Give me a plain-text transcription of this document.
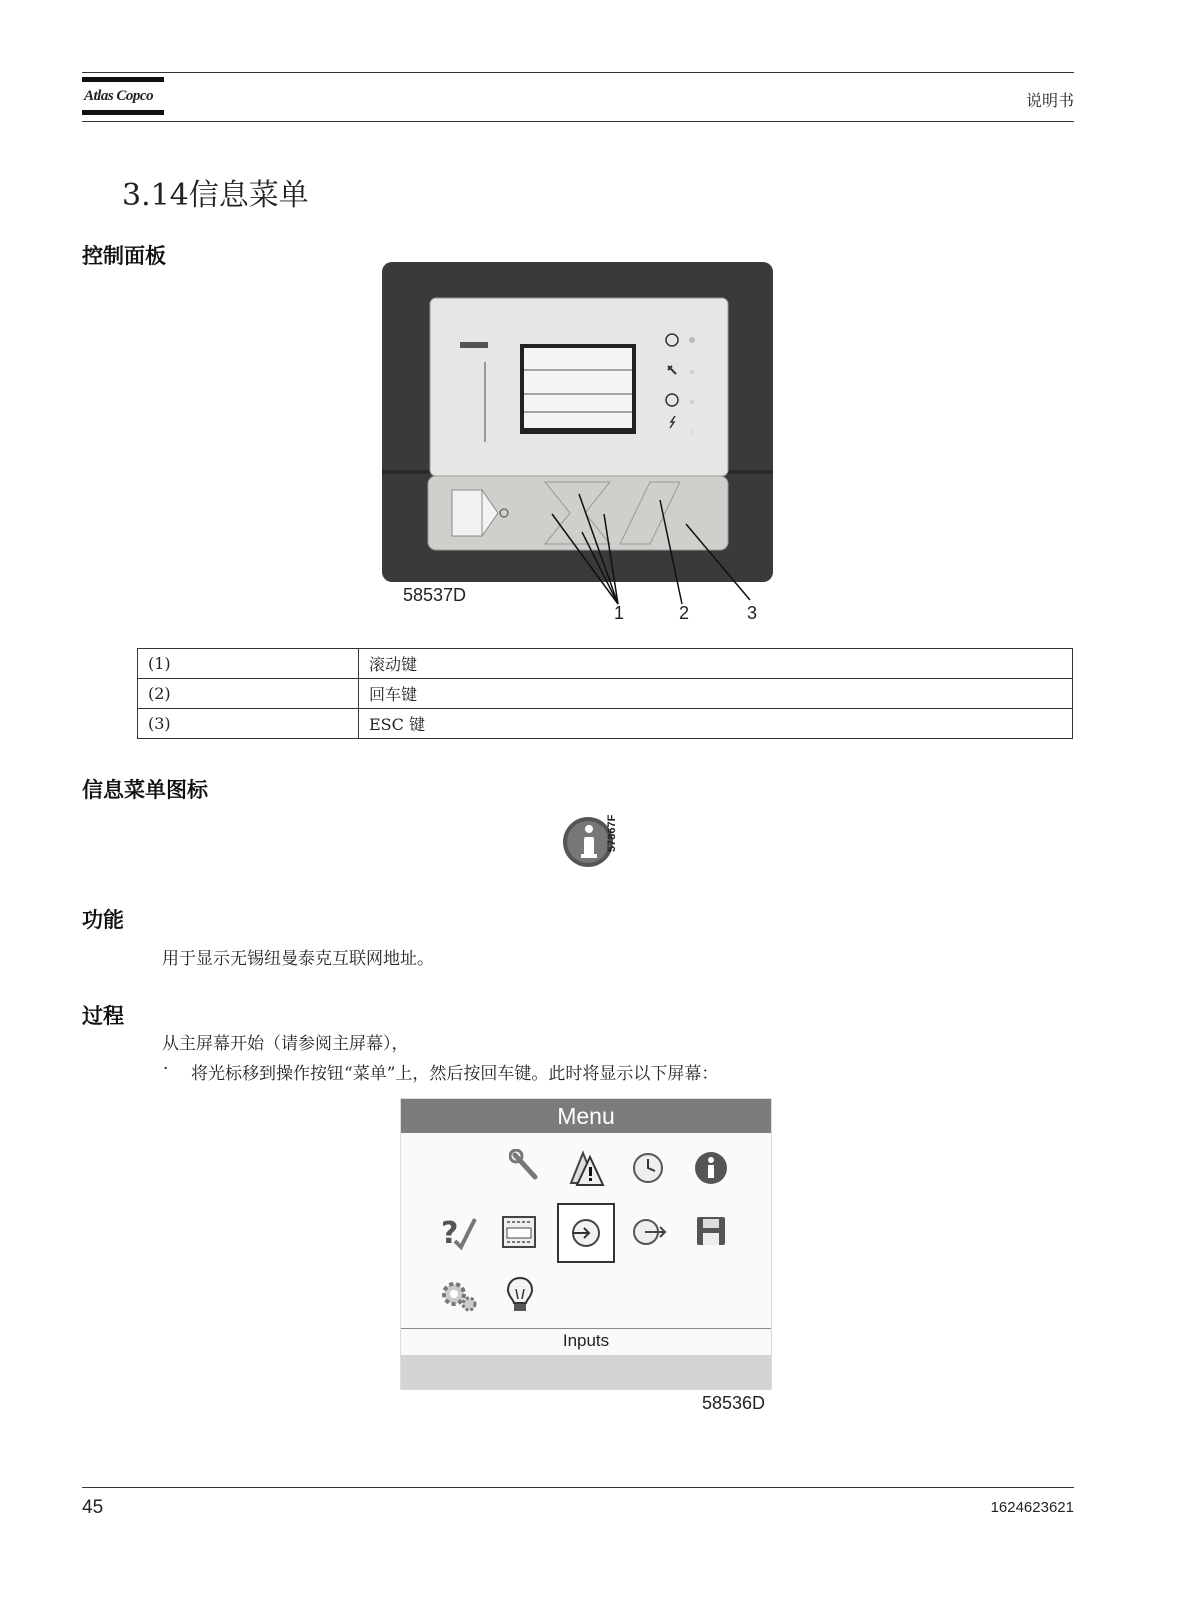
Atlas Copco	说明书
3.14信息菜单
控制面板
58537D
1	2	3
(1)	滚动键
(2)	回车键
(3)	ESC 键
信息菜单图标
57867F
功能
用于显示无锡纽曼泰克互联网地址。
过程
从主屏幕开始（请参阅主屏幕），
· 将光标移到操作按钮“菜单”上，然后按回车键。此时将显示以下屏幕：
Menu
?
Inputs
58536D
45	1624623621
